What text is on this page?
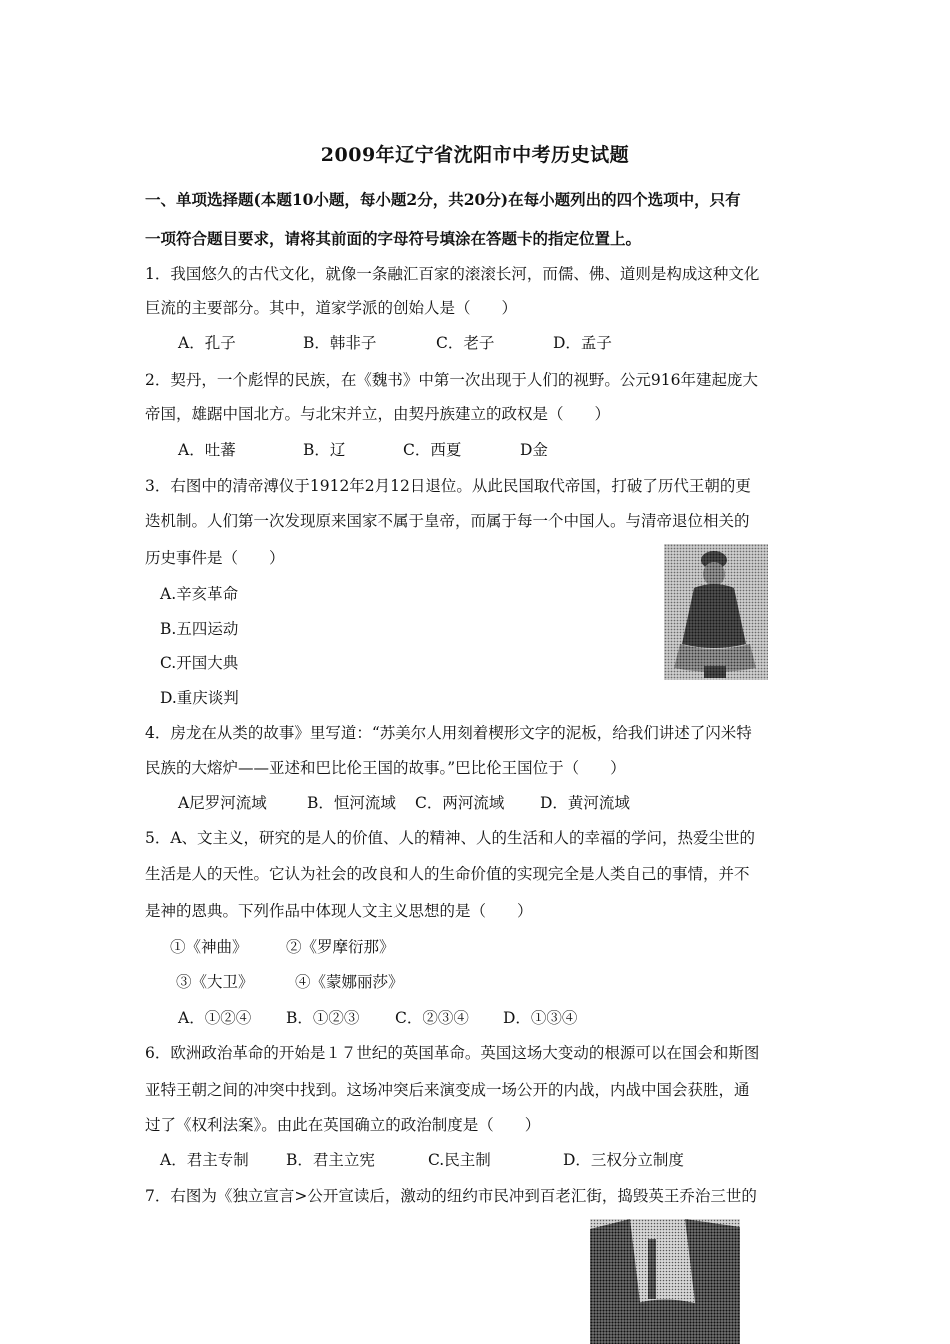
2009年辽宁省沈阳市中考历史试题
一、单项选择题(本题10小题，每小题2分，共20分)在每小题列出的四个选项中，只有
一项符合题目要求，请将其前面的字母符号填涂在答题卡的指定位置上。
1．我国悠久的古代文化，就像一条融汇百家的滚滚长河，而儒、佛、道则是构成这种文化
巨流的主要部分。其中，道家学派的创始人是（　　）
A．孔子	B．韩非子	C．老子	D．孟子
2．契丹，一个彪悍的民族，在《魏书》中第一次出现于人们的视野。公元916年建起庞大
帝国，雄踞中国北方。与北宋并立，由契丹族建立的政权是（　　）
A．吐蕃	B．辽	C．西夏	D金
3．右图中的清帝溥仪于1912年2月12日退位。从此民国取代帝国，打破了历代王朝的更
迭机制。人们第一次发现原来国家不属于皇帝，而属于每一个中国人。与清帝退位相关的
历史事件是（　　）
A.辛亥革命
B.五四运动
C.开国大典
D.重庆谈判
4．房龙在从类的故事》里写道：“苏美尔人用刻着楔形文字的泥板，给我们讲述了闪米特
民族的大熔炉——亚述和巴比伦王国的故事。”巴比伦王国位于（　　）
A尼罗河流域	B．恒河流域 C．两河流域 D．黄河流域
5．A、文主义，研究的是人的价值、人的精神、人的生活和人的幸福的学问，热爱尘世的
生活是人的天性。它认为社会的改良和人的生命价值的实现完全是人类自己的事情，并不
是神的恩典。下列作品中体现人文主义思想的是（　　）
①《神曲》 ②《罗摩衍那》
③《大卫》	④《蒙娜丽莎》
A．①②④ B．①②③ C．②③④ D．①③④
6．欧洲政治革命的开始是１７世纪的英国革命。英国这场大变动的根源可以在国会和斯图
亚特王朝之间的冲突中找到。这场冲突后来演变成一场公开的内战，内战中国会获胜，通
过了《权利法案》。由此在英国确立的政治制度是（　　）
A．君主专制 B．君主立宪	C.民主制	D．三权分立制度
7．右图为《独立宣言>公开宣读后，激动的纽约市民冲到百老汇街，捣毁英王乔治三世的
